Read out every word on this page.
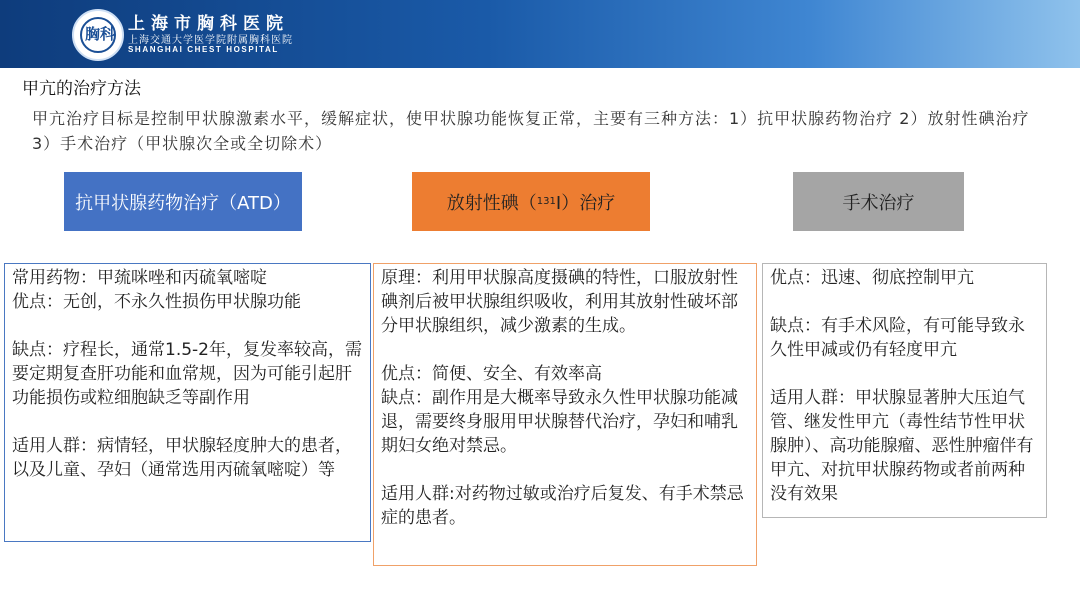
胸科 上海市胸科医院
上海交通大学医学院附属胸科医院
SHANGHAI CHEST HOSPITAL
甲亢的治疗方法
甲亢治疗目标是控制甲状腺激素水平，缓解症状，使甲状腺功能恢复正常，主要有三种方法：1）抗甲状腺药物治疗 2）放射性碘治疗 3）手术治疗（甲状腺次全或全切除术）
抗甲状腺药物治疗（ATD）	放射性碘（ 131 I）治疗	手术治疗

常用药物：甲巯咪唑和丙硫氧嘧啶

优点：无创，不永久性损伤甲状腺功能

缺点：疗程长，通常1.5-2年，复发率较高，需要定期复查肝功能和血常规，因为可能引起肝功能损伤或粒细胞缺乏等副作用

适用人群：病情轻，甲状腺轻度肿大的患者，以及儿童、孕妇（通常选用丙硫氧嘧啶）等

原理：利用甲状腺高度摄碘的特性，口服放射性碘剂后被甲状腺组织吸收，利用其放射性破坏部分甲状腺组织，减少激素的生成。

优点：简便、安全、有效率高

缺点：副作用是大概率导致永久性甲状腺功能减退，需要终身服用甲状腺替代治疗，孕妇和哺乳期妇女绝对禁忌。

适用人群:对药物过敏或治疗后复发、有手术禁忌症的患者。

优点：迅速、彻底控制甲亢

缺点：有手术风险，有可能导致永久性甲减或仍有轻度甲亢

适用人群：甲状腺显著肿大压迫气管、继发性甲亢（毒性结节性甲状腺肿）、高功能腺瘤、恶性肿瘤伴有甲亢、对抗甲状腺药物或者前两种没有效果
